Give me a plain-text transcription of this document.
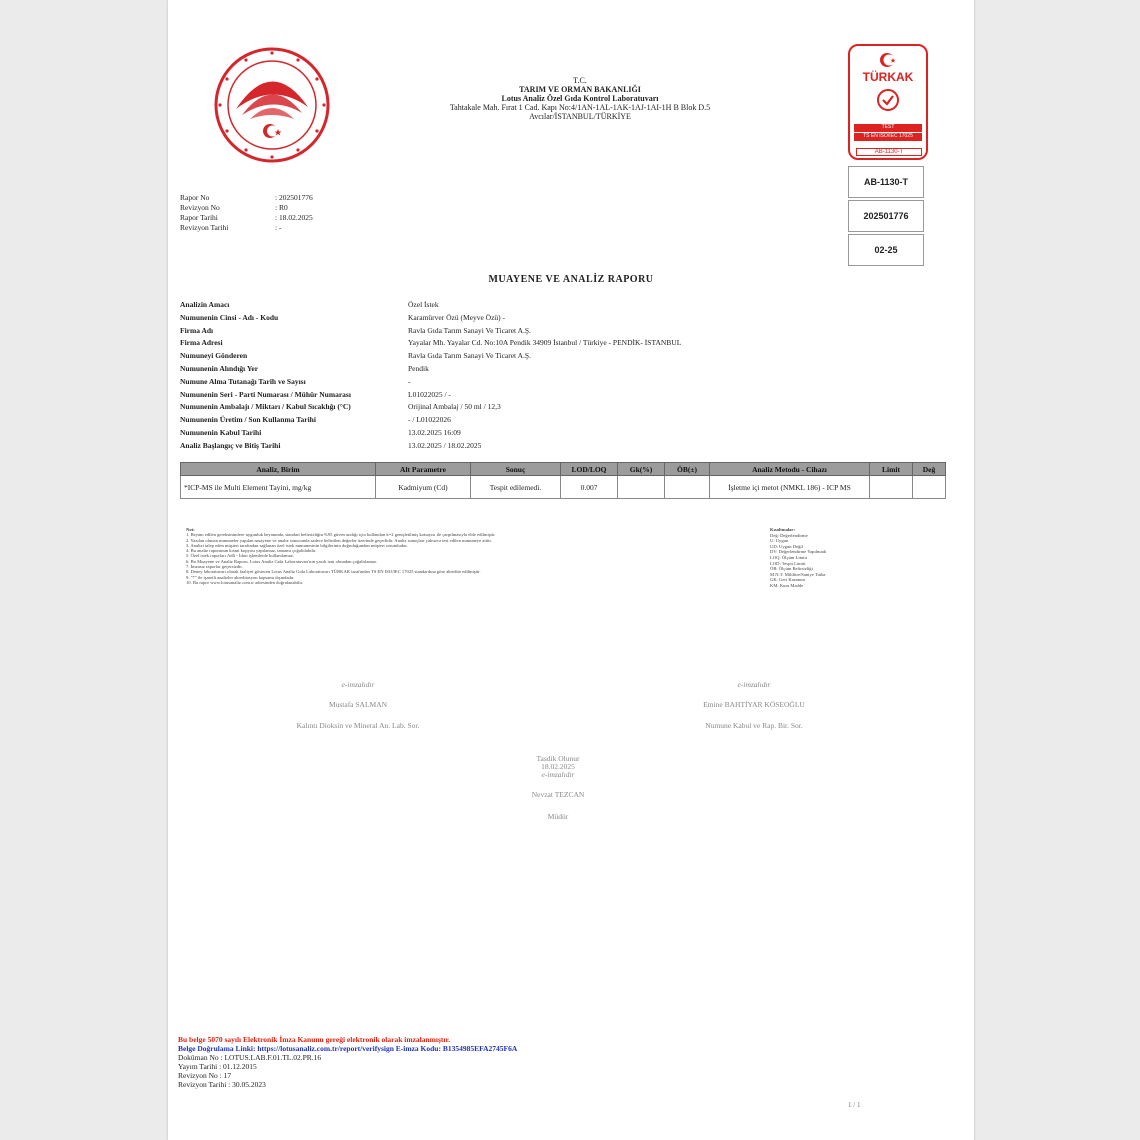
T.C.
TARIM VE ORMAN BAKANLIĞI
Lotus Analiz Özel Gıda Kontrol Laboratuvarı
Tahtakale Mah. Fırat 1 Cad. Kapı No:4/1AN-1AL-1AK-1AJ-1AI-1H B Blok D.5
Avcılar/İSTANBUL/TÜRKİYE
TÜRKAK
TEST
TS EN ISO/IEC 17025
AB-1130-T
AB-1130-T
202501776
02-25
Rapor No	: 202501776
Revizyon No	: R0
Rapor Tarihi	: 18.02.2025
Revizyon Tarihi	: -
MUAYENE VE ANALİZ RAPORU
Analizin Amacı	Özel İstek
Numunenin Cinsi - Adı - Kodu	Karamürver Özü (Meyve Özü) -
Firma Adı	Ravla Gıda Tarım Sanayi Ve Ticaret A.Ş.
Firma Adresi	Yayalar Mh. Yayalar Cd. No:10A Pendik 34909 İstanbul / Türkiye - PENDİK- İSTANBUL
Numuneyi Gönderen	Ravla Gıda Tarım Sanayi Ve Ticaret A.Ş.
Numunenin Alındığı Yer	Pendik
Numune Alma Tutanağı Tarih ve Sayısı	-
Numunenin Seri - Parti Numarası / Mühür Numarası	L01022025 / -
Numunenin Ambalajı / Miktarı / Kabul Sıcaklığı (°C)	Orijinal Ambalaj / 50 ml / 12,3
Numunenin Üretim / Son Kullanma Tarihi	- / L01022026
Numunenin Kabul Tarihi	13.02.2025 16:09
Analiz Başlangıç ve Bitiş Tarihi	13.02.2025 / 18.02.2025
Analiz, Birim	Alt Parametre	Sonuç	LOD/LOQ	Gk(%)	ÖB(±)	Analiz Metodu - Cihazı	Limit	Değ
*ICP-MS ile Multi Element Tayini, mg/kg	Kadmiyum (Cd)	Tespit edilemedi.	0.007			İşletme içi metot (NMKL 186) - ICP MS		
Not:
1. Beyanı edilen gereksinimlere uygunluk beyanında, standart belirsizliğin %95 güven aralığı için kullanılan k=2 genişletilmiş katsayısı ile çarpılmasıyla elde edilmiştir.
2. Yazılan olunan numuneler yapılan muayene ve analiz sonucunda sadece belirtilen değerler üzerinde geçerlidir. Analiz sonuçları yalnızca test edilen numuneye aittir.
3. Analizi talep eden müşteri tarafından sağlanan özel istek numunesinin bilgilerinin doğruluğundan müşteri sorumludur.
4. Bu analiz raporunun kısmi kopyası yapılamaz, tamamı çoğaltılabilir.
5. Özel istek raporları Adli - İdari işlemlerde kullanılamaz.
6. Bu Muayene ve Analiz Raporu, Lotus Analiz Gıda Laboratuvarı'nın yazılı izni olmadan çoğaltılamaz.
7. İmzasız raporlar geçersizdir.
8. Deney laboratuvarı olarak faaliyet gösteren Lotus Analiz Gıda Laboratuvarı TÜRKAK tarafından TS EN ISO/IEC 17025 standardına göre akredite edilmiştir.
9. "*" ile işaretli analizler akreditasyon kapsamı dışındadır.
10. Bu rapor www.lotusanaliz.com.tr adresinden doğrulanabilir.
Kısaltmalar:
Değ: Değerlendirme
U: Uygun
UD: Uygun Değil
DV: Değerlendirme Yapılmadı
LOQ: Ölçüm Limiti
LOD: Tespit Limiti
ÖB: Ölçüm Belirsizliği
M.N.T: Mililitre/Saniye Tutba
GK: Geri Kazanım
KM: Kuru Madde
e-imzalıdır
Mustafa SALMAN
Kalıntı Dioksin ve Mineral An. Lab. Sor.
e-imzalıdır
Emine BAHTİYAR KÖSEOĞLU
Numune Kabul ve Rap. Bir. Sor.
Tasdik Olunur
18.02.2025
e-imzalıdır
Nevzat TEZCAN
Müdür
Bu belge 5070 sayılı Elektronik İmza Kanunu gereği elektronik olarak imzalanmıştır.
Belge Doğrulama Linki: https://lotusanaliz.com.tr/report/verifysign E-imza Kodu: B1354985EFA2745F6A
Doküman No : LOTUS.LAB.F.01.TL.02.PR.16
Yayım Tarihi : 01.12.2015
Revizyon No : 17
Revizyon Tarihi : 30.05.2023
1 / 1
